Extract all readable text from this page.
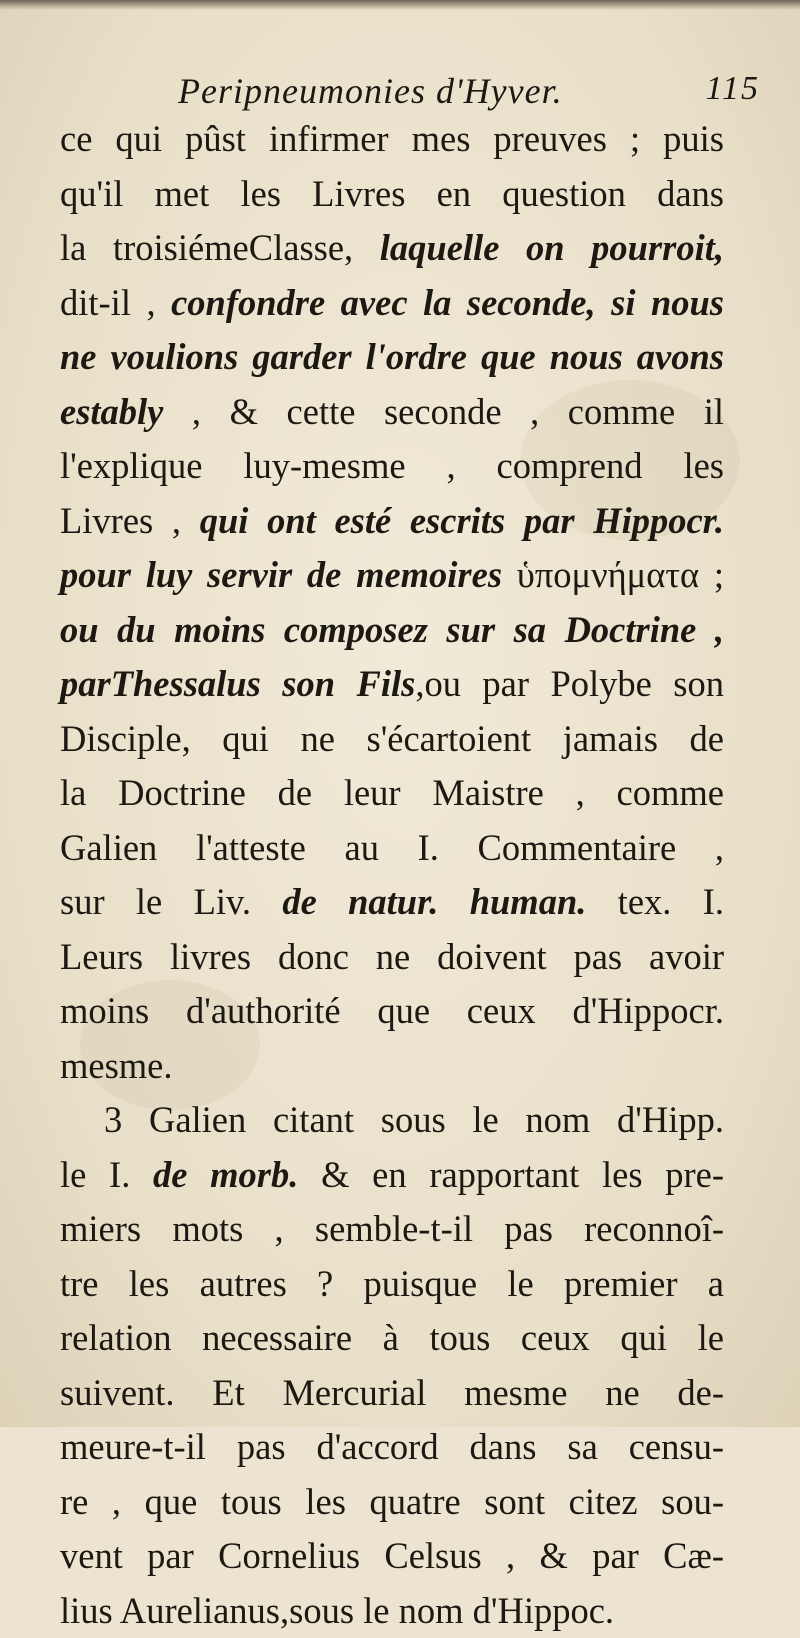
Peripneumonies d'Hyver.	115
ce qui pûst infirmer mes preuves ; puis
qu'il met les Livres en question dans
la troisiémeClasse, laquelle on pourroit,
dit-il , confondre avec la seconde, si nous
ne voulions garder l'ordre que nous avons
estably , & cette seconde , comme il
l'explique luy-mesme , comprend les
Livres , qui ont esté escrits par Hippocr.
pour luy servir de memoires ὑπομνήματα ;
ou du moins composez sur sa Doctrine ,
parThessalus son Fils,ou par Polybe son
Disciple, qui ne s'écartoient jamais de
la Doctrine de leur Maistre , comme
Galien l'atteste au I. Commentaire ,
sur le Liv. de natur. human. tex. I.
Leurs livres donc ne doivent pas avoir
moins d'authorité que ceux d'Hippocr.
mesme.
3 Galien citant sous le nom d'Hipp.
le I. de morb. & en rapportant les pre-
miers mots , semble-t-il pas reconnoî-
tre les autres ? puisque le premier a
relation necessaire à tous ceux qui le
suivent. Et Mercurial mesme ne de-
meure-t-il pas d'accord dans sa censu-
re , que tous les quatre sont citez sou-
vent par Cornelius Celsus , & par Cæ-
lius Aurelianus,sous le nom d'Hippoc.
